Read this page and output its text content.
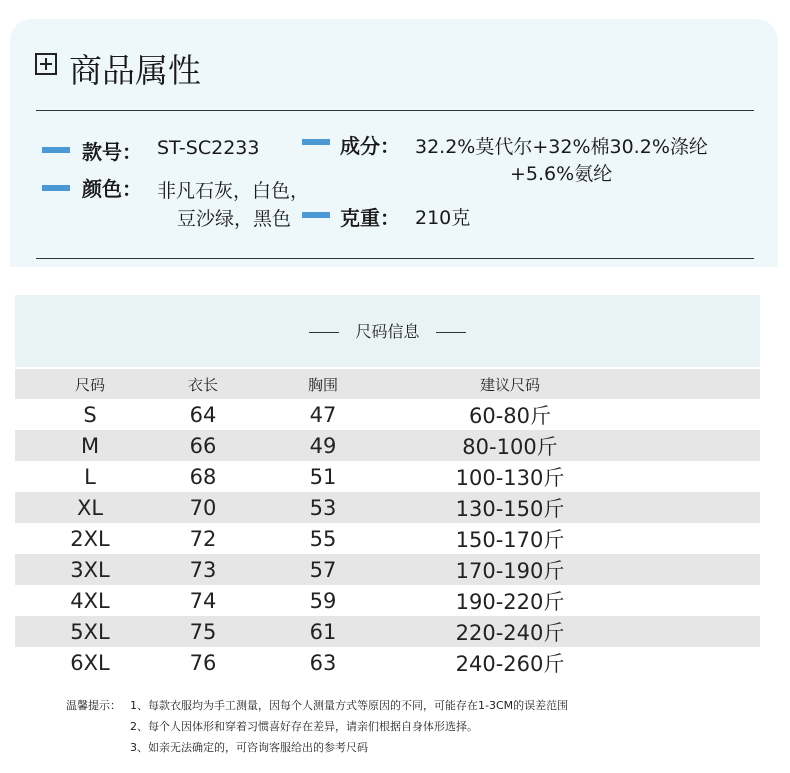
商品属性
款号： ST-SC2233
颜色： 非凡石灰，白色，
豆沙绿，黑色
成分： 32.2%莫代尔+32%棉30.2%涤纶
+5.6%氨纶
克重： 210克
尺码信息
尺码	衣长	胸围	建议尺码
S	64	47	60-80斤
M	66	49	80-100斤
L	68	51	100-130斤
XL	70	53	130-150斤
2XL	72	55	150-170斤
3XL	73	57	170-190斤
4XL	74	59	190-220斤
5XL	75	61	220-240斤
6XL	76	63	240-260斤
温馨提示： 1、每款衣服均为手工测量，因每个人测量方式等原因的不同，可能存在1-3CM的误差范围
2、每个人因体形和穿着习惯喜好存在差异，请亲们根据自身体形选择。
3、如亲无法确定的，可咨询客服给出的参考尺码
